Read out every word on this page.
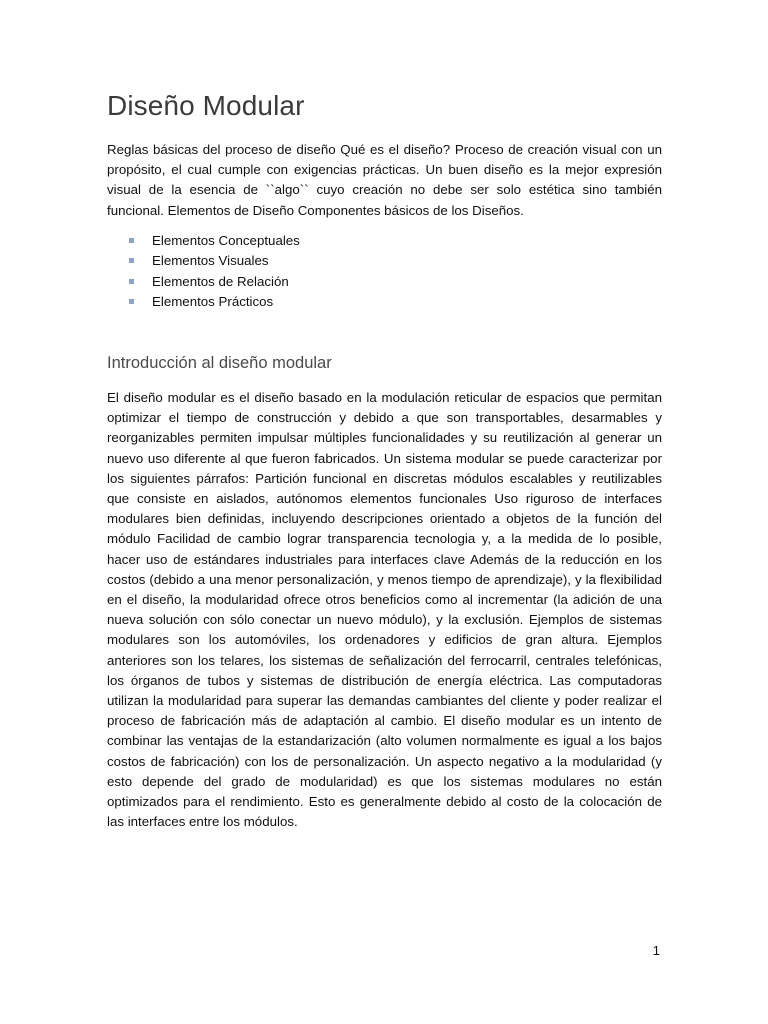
Diseño Modular

Reglas básicas del proceso de diseño Qué es el diseño? Proceso de creación visual con un propósito, el cual cumple con exigencias prácticas. Un buen diseño es la mejor expresión visual de la esencia de ``algo`` cuyo creación no debe ser solo estética sino también funcional. Elementos de Diseño Componentes básicos de los Diseños.

Elementos Conceptuales
Elementos Visuales
Elementos de Relación
Elementos Prácticos
Introducción al diseño modular

El diseño modular es el diseño basado en la modulación reticular de espacios que permitan optimizar el tiempo de construcción y debido a que son transportables, desarmables y reorganizables permiten impulsar múltiples funcionalidades y su reutilización al generar un nuevo uso diferente al que fueron fabricados. Un sistema modular se puede caracterizar por los siguientes párrafos: Partición funcional en discretas módulos escalables y reutilizables que consiste en aislados, autónomos elementos funcionales Uso riguroso de interfaces modulares bien definidas, incluyendo descripciones orientado a objetos de la función del módulo Facilidad de cambio lograr transparencia tecnologia y, a la medida de lo posible, hacer uso de estándares industriales para interfaces clave Además de la reducción en los costos (debido a una menor personalización, y menos tiempo de aprendizaje), y la flexibilidad en el diseño, la modularidad ofrece otros beneficios como al incrementar (la adición de una nueva solución con sólo conectar un nuevo módulo), y la exclusión. Ejemplos de sistemas modulares son los automóviles, los ordenadores y edificios de gran altura. Ejemplos anteriores son los telares, los sistemas de señalización del ferrocarril, centrales telefónicas, los órganos de tubos y sistemas de distribución de energía eléctrica. Las computadoras utilizan la modularidad para superar las demandas cambiantes del cliente y poder realizar el proceso de fabricación más de adaptación al cambio. El diseño modular es un intento de combinar las ventajas de la estandarización (alto volumen normalmente es igual a los bajos costos de fabricación) con los de personalización. Un aspecto negativo a la modularidad (y esto depende del grado de modularidad) es que los sistemas modulares no están optimizados para el rendimiento. Esto es generalmente debido al costo de la colocación de las interfaces entre los módulos.

1
